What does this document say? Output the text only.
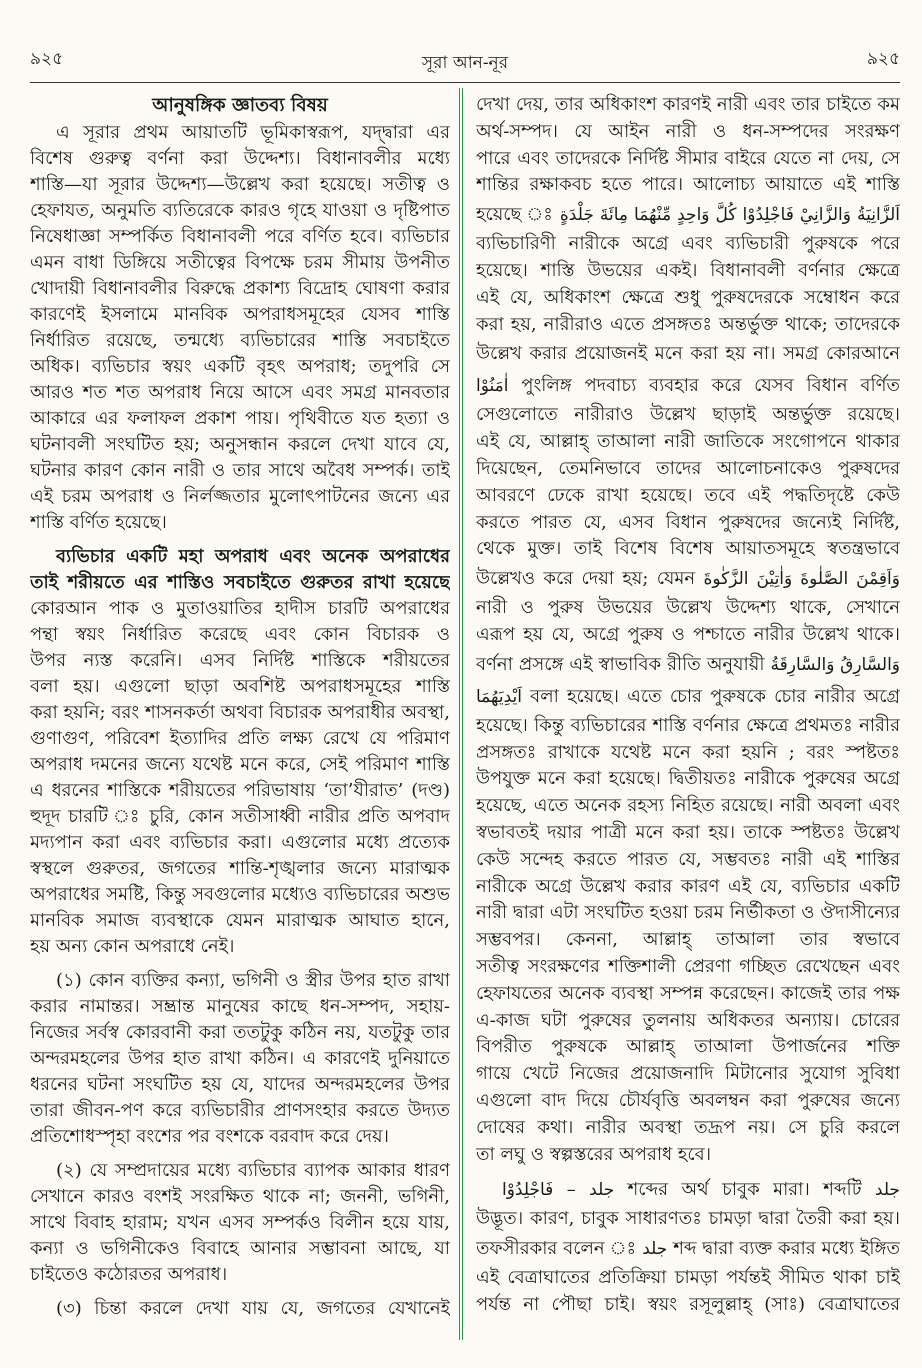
৯২৫	সূরা আন-নূর	৯২৫
আনুষঙ্গিক জ্ঞাতব্য বিষয়
এ সূরার প্রথম আয়াতটি ভূমিকাস্বরূপ, যদ্দ্বারা এর
বিশেষ গুরুত্ব বর্ণনা করা উদ্দেশ্য। বিধানাবলীর মধ্যে
শাস্তি—যা সূরার উদ্দেশ্য—উল্লেখ করা হয়েছে। সতীত্ব ও
হেফাযত, অনুমতি ব্যতিরেকে কারও গৃহে যাওয়া ও দৃষ্টিপাত
নিষেধাজ্ঞা সম্পর্কিত বিধানাবলী পরে বর্ণিত হবে। ব্যভিচার
এমন বাধা ডিঙ্গিয়ে সতীত্বের বিপক্ষে চরম সীমায় উপনীত
খোদায়ী বিধানাবলীর বিরুদ্ধে প্রকাশ্য বিদ্রোহ ঘোষণা করার
কারণেই ইসলামে মানবিক অপরাধসমূহের যেসব শাস্তি
নির্ধারিত রয়েছে, তন্মধ্যে ব্যভিচারের শাস্তি সবচাইতে
অধিক। ব্যভিচার স্বয়ং একটি বৃহৎ অপরাধ; তদুপরি সে
আরও শত শত অপরাধ নিয়ে আসে এবং সমগ্র মানবতার
আকারে এর ফলাফল প্রকাশ পায়। পৃথিবীতে যত হত্যা ও
ঘটনাবলী সংঘটিত হয়; অনুসন্ধান করলে দেখা যাবে যে,
ঘটনার কারণ কোন নারী ও তার সাথে অবৈধ সম্পর্ক। তাই
এই চরম অপরাধ ও নির্লজ্জতার মুলোৎপাটনের জন্যে এর
শাস্তি বর্ণিত হয়েছে।
ব্যভিচার একটি মহা অপরাধ এবং অনেক অপরাধের
তাই শরীয়তে এর শাস্তিও সবচাইতে গুরুতর রাখা হয়েছে
কোরআন পাক ও মুতাওয়াতির হাদীস চারটি অপরাধের
পন্থা স্বয়ং নির্ধারিত করেছে এবং কোন বিচারক ও
উপর ন্যস্ত করেনি। এসব নির্দিষ্ট শাস্তিকে শরীয়তের
বলা হয়। এগুলো ছাড়া অবশিষ্ট অপরাধসমূহের শাস্তি
করা হয়নি; বরং শাসনকর্তা অথবা বিচারক অপরাধীর অবস্থা,
গুণাগুণ, পরিবেশ ইত্যাদির প্রতি লক্ষ্য রেখে যে পরিমাণ
অপরাধ দমনের জন্যে যথেষ্ট মনে করে, সেই পরিমাণ শাস্তি
এ ধরনের শাস্তিকে শরীয়তের পরিভাষায় ‘তা’যীরাত’ (দণ্ড)
হুদূদ চারটি ঃ চুরি, কোন সতীসাধ্বী নারীর প্রতি অপবাদ
মদ্যপান করা এবং ব্যভিচার করা। এগুলোর মধ্যে প্রত্যেক
স্বস্থলে গুরুতর, জগতের শান্তি-শৃঙ্খলার জন্যে মারাত্মক
অপরাধের সমষ্টি, কিন্তু সবগুলোর মধ্যেও ব্যভিচারের অশুভ
মানবিক সমাজ ব্যবস্থাকে যেমন মারাত্মক আঘাত হানে,
হয় অন্য কোন অপরাধে নেই।
(১) কোন ব্যক্তির কন্যা, ভগিনী ও স্ত্রীর উপর হাত রাখা
করার নামান্তর। সম্ভ্রান্ত মানুষের কাছে ধন-সম্পদ, সহায়-
নিজের সর্বস্ব কোরবানী করা ততটুকু কঠিন নয়, যতটুকু তার
অন্দরমহলের উপর হাত রাখা কঠিন। এ কারণেই দুনিয়াতে
ধরনের ঘটনা সংঘটিত হয় যে, যাদের অন্দরমহলের উপর
তারা জীবন-পণ করে ব্যভিচারীর প্রাণসংহার করতে উদ্যত
প্রতিশোধস্পৃহা বংশের পর বংশকে বরবাদ করে দেয়।
(২) যে সম্প্রদায়ের মধ্যে ব্যভিচার ব্যাপক আকার ধারণ
সেখানে কারও বংশই সংরক্ষিত থাকে না; জননী, ভগিনী,
সাথে বিবাহ হারাম; যখন এসব সম্পর্কও বিলীন হয়ে যায়,
কন্যা ও ভগিনীকেও বিবাহে আনার সম্ভাবনা আছে, যা
চাইতেও কঠোরতর অপরাধ।
(৩) চিন্তা করলে দেখা যায় যে, জগতের যেখানেই
দেখা দেয়, তার অধিকাংশ কারণই নারী এবং তার চাইতে কম
অর্থ-সম্পদ। যে আইন নারী ও ধন-সম্পদের সংরক্ষণ
পারে এবং তাদেরকে নির্দিষ্ট সীমার বাইরে যেতে না দেয়, সে
শান্তির রক্ষাকবচ হতে পারে। আলোচ্য আয়াতে এই শাস্তি
হয়েছে ঃ اَلزَّانِيَةُ وَالزَّانِيْ فَاجْلِدُوْا كُلَّ وَاحِدٍ مِّنْهُمَا مِائَةَ جَلْدَةٍ
ব্যভিচারিণী নারীকে অগ্রে এবং ব্যভিচারী পুরুষকে পরে
হয়েছে। শাস্তি উভয়ের একই। বিধানাবলী বর্ণনার ক্ষেত্রে
এই যে, অধিকাংশ ক্ষেত্রে শুধু পুরুষদেরকে সম্বোধন করে
করা হয়, নারীরাও এতে প্রসঙ্গতঃ অন্তর্ভুক্ত থাকে; তাদেরকে
উল্লেখ করার প্রয়োজনই মনে করা হয় না। সমগ্র কোরআনে
اٰمَنُوْا পুংলিঙ্গ পদবাচ্য ব্যবহার করে যেসব বিধান বর্ণিত
সেগুলোতে নারীরাও উল্লেখ ছাড়াই অন্তর্ভুক্ত রয়েছে।
এই যে, আল্লাহ্ তাআলা নারী জাতিকে সংগোপনে থাকার
দিয়েছেন, তেমনিভাবে তাদের আলোচনাকেও পুরুষদের
আবরণে ঢেকে রাখা হয়েছে। তবে এই পদ্ধতিদৃষ্টে কেউ
করতে পারত যে, এসব বিধান পুরুষদের জন্যেই নির্দিষ্ট,
থেকে মুক্ত। তাই বিশেষ বিশেষ আয়াতসমূহে স্বতন্ত্রভাবে
উল্লেখও করে দেয়া হয়; যেমন وَاَقِمْنَ الصَّلٰوةَ وَاٰتِيْنَ الزَّكٰوةَ
নারী ও পুরুষ উভয়ের উল্লেখ উদ্দেশ্য থাকে, সেখানে
এরূপ হয় যে, অগ্রে পুরুষ ও পশ্চাতে নারীর উল্লেখ থাকে।
বর্ণনা প্রসঙ্গে এই স্বাভাবিক রীতি অনুযায়ী	وَالسَّارِقُ وَالسَّارِقَةُ
اَيْدِيَهُمَا বলা হয়েছে। এতে চোর পুরুষকে চোর নারীর অগ্রে
হয়েছে। কিন্তু ব্যভিচারের শাস্তি বর্ণনার ক্ষেত্রে প্রথমতঃ নারীর
প্রসঙ্গতঃ রাখাকে যথেষ্ট মনে করা হয়নি ; বরং স্পষ্টতঃ
উপযুক্ত মনে করা হয়েছে। দ্বিতীয়তঃ নারীকে পুরুষের অগ্রে
হয়েছে, এতে অনেক রহস্য নিহিত রয়েছে। নারী অবলা এবং
স্বভাবতই দয়ার পাত্রী মনে করা হয়। তাকে স্পষ্টতঃ উল্লেখ
কেউ সন্দেহ করতে পারত যে, সম্ভবতঃ নারী এই শাস্তির
নারীকে অগ্রে উল্লেখ করার কারণ এই যে, ব্যভিচার একটি
নারী দ্বারা এটা সংঘটিত হওয়া চরম নির্ভীকতা ও ঔদাসীন্যের
সম্ভবপর। কেননা, আল্লাহ্ তাআলা তার স্বভাবে
সতীত্ব সংরক্ষণের শক্তিশালী প্রেরণা গচ্ছিত রেখেছেন এবং
হেফাযতের অনেক ব্যবস্থা সম্পন্ন করেছেন। কাজেই তার পক্ষ
এ-কাজ ঘটা পুরুষের তুলনায় অধিকতর অন্যায়। চোরের
বিপরীত পুরুষকে আল্লাহ্ তাআলা উপার্জনের শক্তি
গায়ে খেটে নিজের প্রয়োজনাদি মিটানোর সুযোগ সুবিধা
এগুলো বাদ দিয়ে চৌর্যবৃত্তি অবলম্বন করা পুরুষের জন্যে
দোষের কথা। নারীর অবস্থা তদ্রূপ নয়। সে চুরি করলে
তা লঘু ও স্বল্পস্তরের অপরাধ হবে।
فَاجْلِدُوْا – جلد শব্দের অর্থ চাবুক মারা। শব্দটি جلد
উদ্ভূত। কারণ, চাবুক সাধারণতঃ চামড়া দ্বারা তৈরী করা হয়।
তফসীরকার বলেন ঃ جلد শব্দ দ্বারা ব্যক্ত করার মধ্যে ইঙ্গিত
এই বেত্রাঘাতের প্রতিক্রিয়া চামড়া পর্যন্তই সীমিত থাকা চাই
পর্যন্ত না পৌছা চাই। স্বয়ং রসূলুল্লাহ্ (সাঃ) বেত্রাঘাতের
